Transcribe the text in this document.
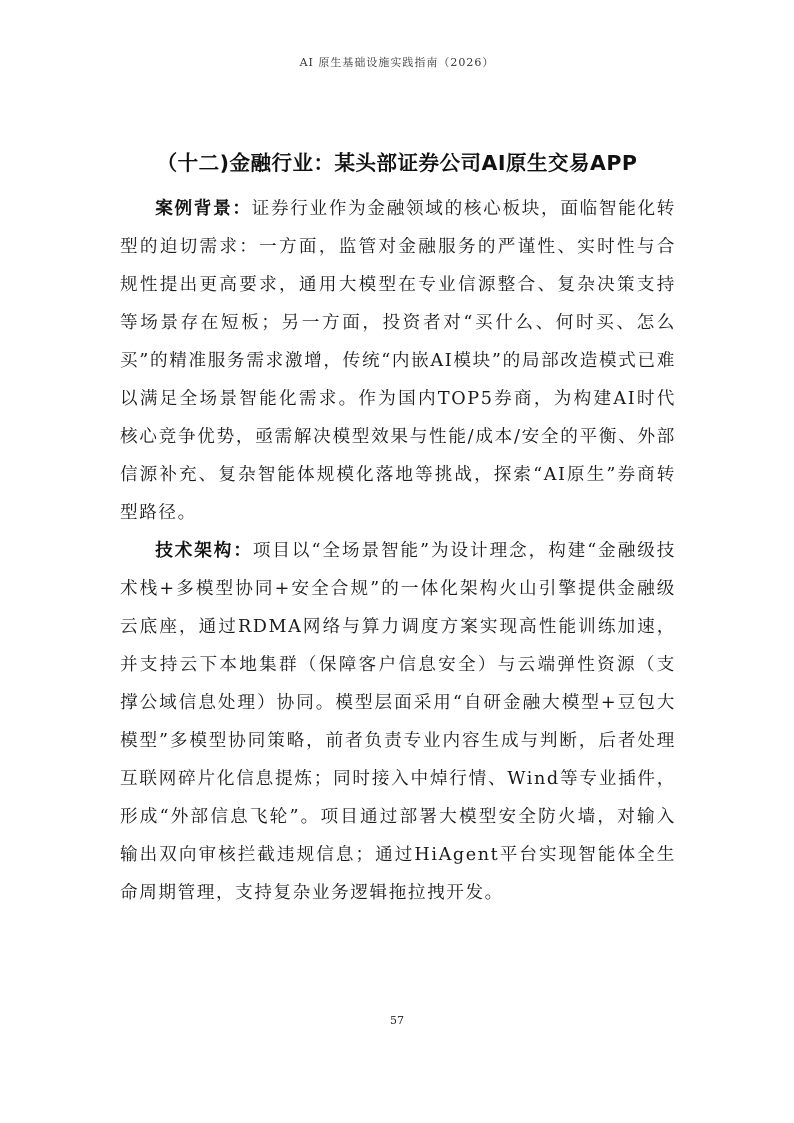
AI 原生基础设施实践指南（2026）
（十二)金融行业：某头部证券公司AI原生交易APP

案例背景：证券行业作为金融领域的核心板块，面临智能化转型的迫切需求：一方面，监管对金融服务的严谨性、实时性与合规性提出更高要求，通用大模型在专业信源整合、复杂决策支持等场景存在短板；另一方面，投资者对“买什么、何时买、怎么买”的精准服务需求激增，传统“内嵌AI模块”的局部改造模式已难以满足全场景智能化需求。作为国内TOP5券商，为构建AI时代核心竞争优势，亟需解决模型效果与性能/成本/安全的平衡、外部信源补充、复杂智能体规模化落地等挑战，探索“AI原生”券商转型路径。

技术架构：项目以“全场景智能”为设计理念，构建“金融级技术栈+多模型协同+安全合规”的一体化架构火山引擎提供金融级云底座，通过RDMA网络与算力调度方案实现高性能训练加速，并支持云下本地集群（保障客户信息安全）与云端弹性资源（支撑公域信息处理）协同。模型层面采用“自研金融大模型+豆包大模型”多模型协同策略，前者负责专业内容生成与判断，后者处理互联网碎片化信息提炼；同时接入中焯行情、Wind等专业插件，形成“外部信息飞轮”。项目通过部署大模型安全防火墙，对输入输出双向审核拦截违规信息；通过HiAgent平台实现智能体全生命周期管理，支持复杂业务逻辑拖拉拽开发。

57
